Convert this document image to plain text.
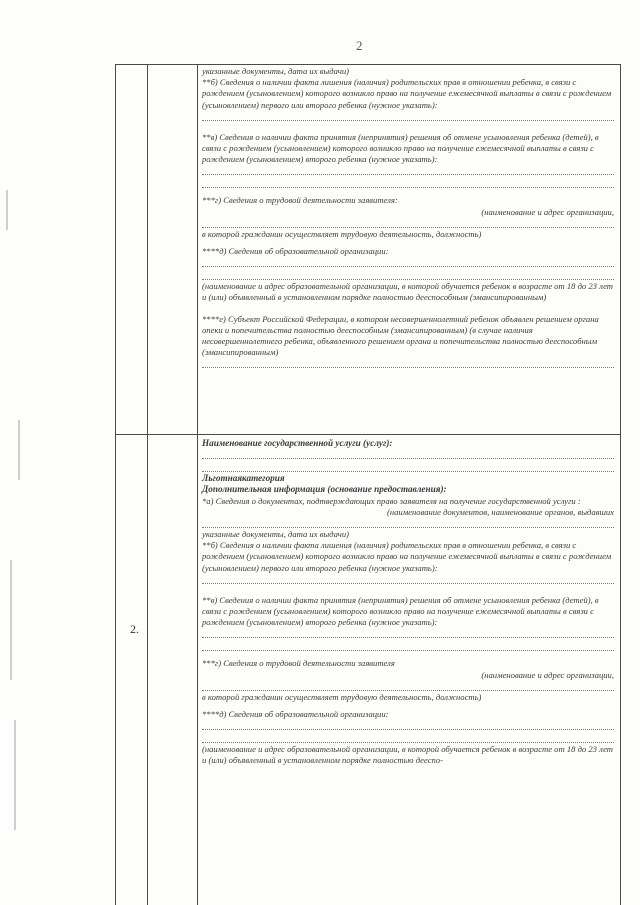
2
2.

указанные документы, дата их выдачи)

**б) Сведения о наличии факта лишения (наличия) родительских прав в отношении ребенка, в связи с рождением (усыновлением) которого возникло право на получение ежемесячной выплаты в связи с рождением (усыновлением) первого или второго ребенка (нужное указать):

**в) Сведения о наличии факта принятия (непринятия) решения об отмене усыновления ребенка (детей), в связи с рождением (усыновлением) которого возникло право на получение ежемесячной выплаты в связи с рождением (усыновлением) второго ребенка (нужное указать):

***г) Сведения о трудовой деятельности заявителя:

(наименование и адрес организации,

в которой гражданин осуществляет трудовую деятельность, должность)

****д) Сведения об образовательной организации:

(наименование и адрес образовательной организации, в которой обучается ребенок в возрасте от 18 до 23 лет и (или) объявленный в установленном порядке полностью дееспособным (эмансипированным)

****е) Субъект Российской Федерации, в котором несовершеннолетний ребенок объявлен решением органа опеки и попечительства полностью дееспособным (эмансипированным) (в случае наличия несовершеннолетнего ребенка, объявленного решением органа и попечительства полностью дееспособным (эмансипированным)

Наименование государственной услуги (услуг):

Льготнаякатегория

Дополнительная информация (основание предоставления):

*а) Сведения о документах, подтверждающих право заявителя на получение государственной услуги :

(наименование документов, наименование органов, выдавших

указанные документы, дата их выдачи)

**б) Сведения о наличии факта лишения (наличия) родительских прав в отношении ребенка, в связи с рождением (усыновлением) которого возникло право на получение ежемесячной выплаты в связи с рождением (усыновлением) первого или второго ребенка (нужное указать):

**в) Сведения о наличии факта принятия (непринятия) решения об отмене усыновления ребенка (детей), в связи с рождением (усыновлением) которого возникло право на получение ежемесячной выплаты в связи с рождением (усыновлением) второго ребенка (нужное указать):

***г) Сведения о трудовой деятельности заявителя

(наименование и адрес организации,

в которой гражданин осуществляет трудовую деятельность, должность)

****д) Сведения об образовательной организации:

(наименование и адрес образовательной организации, в которой обучается ребенок в возрасте от 18 до 23 лет и (или) объявленный в установленном порядке полностью дееспо-
